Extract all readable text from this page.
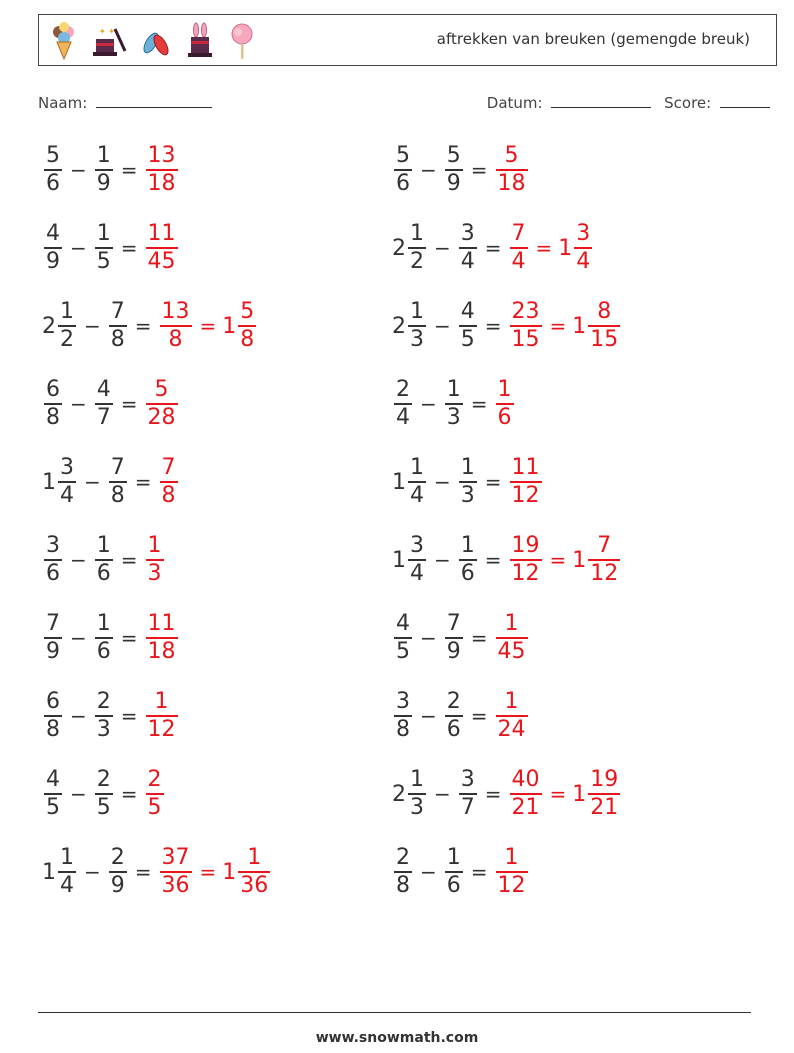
✦ ✦	aftrekken van breuken (gemengde breuk)
Naam:	Datum:	Score:
$\frac{5}{6} - \frac{1}{9} = \frac{13}{18}$
$\frac{4}{9} - \frac{1}{5} = \frac{11}{45}$
$2 \frac{1}{2} - \frac{7}{8} = \frac{13}{8} = 1 \frac{5}{8}$
$\frac{6}{8} - \frac{4}{7} = \frac{5}{28}$
$1 \frac{3}{4} - \frac{7}{8} = \frac{7}{8}$
$\frac{3}{6} - \frac{1}{6} = \frac{1}{3}$
$\frac{7}{9} - \frac{1}{6} = \frac{11}{18}$
$\frac{6}{8} - \frac{2}{3} = \frac{1}{12}$
$\frac{4}{5} - \frac{2}{5} = \frac{2}{5}$
$1 \frac{1}{4} - \frac{2}{9} = \frac{37}{36} = 1 \frac{1}{36}$
$\frac{5}{6} - \frac{5}{9} = \frac{5}{18}$
$2 \frac{1}{2} - \frac{3}{4} = \frac{7}{4} = 1 \frac{3}{4}$
$2 \frac{1}{3} - \frac{4}{5} = \frac{23}{15} = 1 \frac{8}{15}$
$\frac{2}{4} - \frac{1}{3} = \frac{1}{6}$
$1 \frac{1}{4} - \frac{1}{3} = \frac{11}{12}$
$1 \frac{3}{4} - \frac{1}{6} = \frac{19}{12} = 1 \frac{7}{12}$
$\frac{4}{5} - \frac{7}{9} = \frac{1}{45}$
$\frac{3}{8} - \frac{2}{6} = \frac{1}{24}$
$2 \frac{1}{3} - \frac{3}{7} = \frac{40}{21} = 1 \frac{19}{21}$
$\frac{2}{8} - \frac{1}{6} = \frac{1}{12}$
www.snowmath.com
